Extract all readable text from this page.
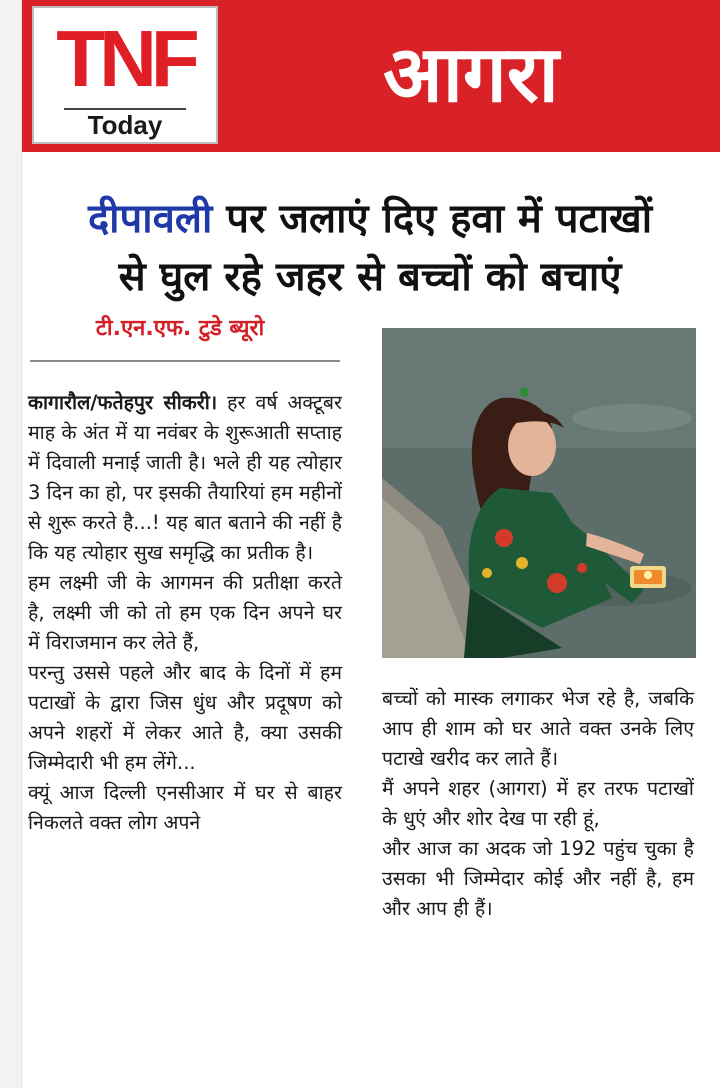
TNF
Today
आगरा
दीपावली पर जलाएं दिए हवा में पटाखों
से घुल रहे जहर से बच्चों को बचाएं
टी.एन.एफ. टुडे ब्यूरो

कागारौल/फतेहपुर सीकरी। हर वर्ष अक्टूबर माह के अंत में या नवंबर के शुरूआती सप्ताह में दिवाली मनाई जाती है। भले ही यह त्योहार 3 दिन का हो, पर इसकी तैयारियां हम महीनों से शुरू करते है...! यह बात बताने की नहीं है कि यह त्योहार सुख समृद्धि का प्रतीक है।

हम लक्ष्मी जी के आगमन की प्रतीक्षा करते है, लक्ष्मी जी को तो हम एक दिन अपने घर में विराजमान कर लेते हैं,

परन्तु उससे पहले और बाद के दिनों में हम पटाखों के द्वारा जिस धुंध और प्रदूषण को अपने शहरों में लेकर आते है, क्या उसकी जिम्मेदारी भी हम लेंगे...

क्यूं आज दिल्ली एनसीआर में घर से बाहर निकलते वक्त लोग अपने

बच्चों को मास्क लगाकर भेज रहे है, जबकि आप ही शाम को घर आते वक्त उनके लिए पटाखे खरीद कर लाते हैं।

मैं अपने शहर (आगरा) में हर तरफ पटाखों के धुएं और शोर देख पा रही हूं,

और आज का अदक जो 192 पहुंच चुका है उसका भी जिम्मेदार कोई और नहीं है, हम और आप ही हैं।
